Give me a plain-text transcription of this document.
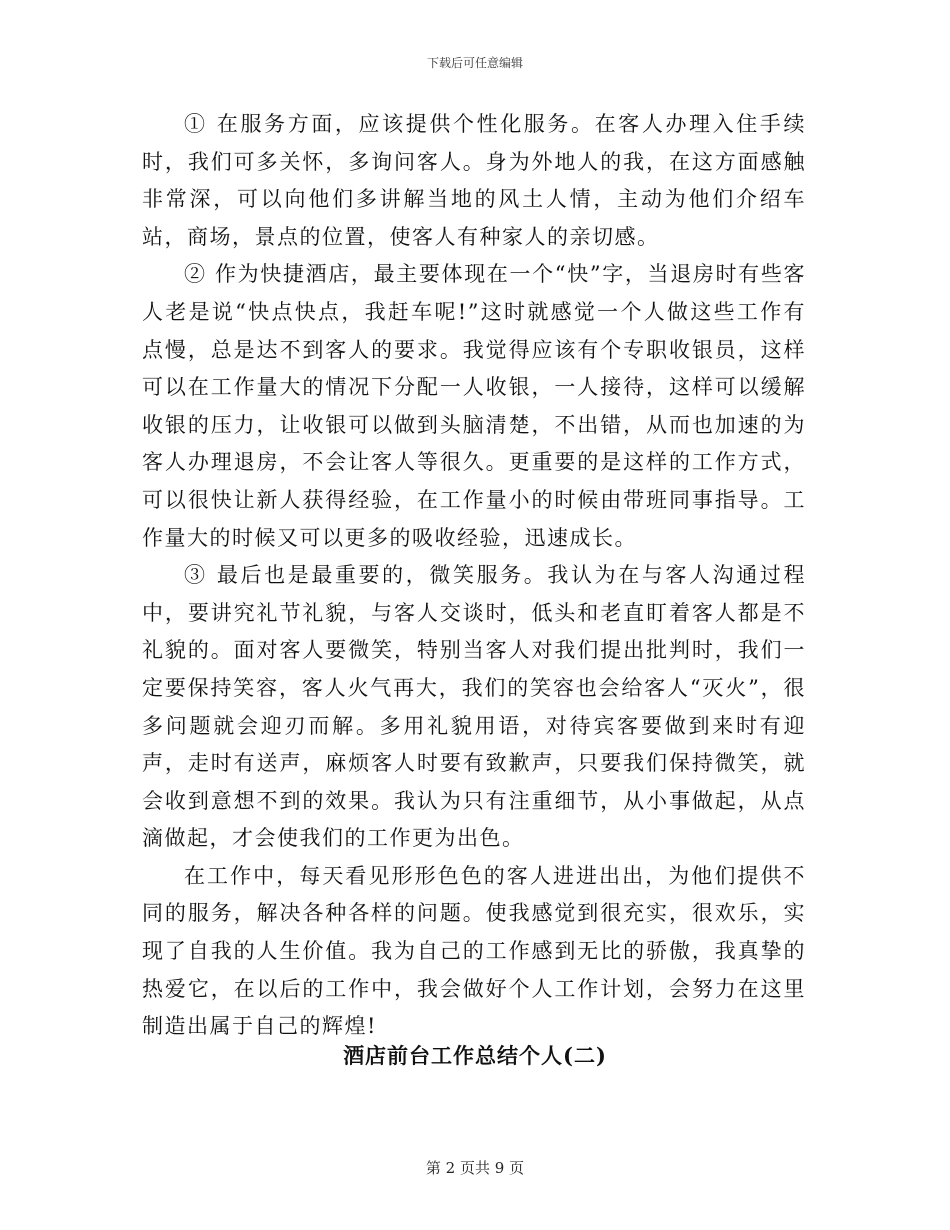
下载后可任意编辑

① 在服务方面，应该提供个性化服务。在客人办理入住手续时，我们可多关怀，多询问客人。身为外地人的我，在这方面感触非常深，可以向他们多讲解当地的风土人情，主动为他们介绍车站，商场，景点的位置，使客人有种家人的亲切感。

② 作为快捷酒店，最主要体现在一个“快”字，当退房时有些客人老是说“快点快点，我赶车呢!”这时就感觉一个人做这些工作有点慢，总是达不到客人的要求。我觉得应该有个专职收银员，这样可以在工作量大的情况下分配一人收银，一人接待，这样可以缓解收银的压力，让收银可以做到头脑清楚，不出错，从而也加速的为客人办理退房，不会让客人等很久。更重要的是这样的工作方式，可以很快让新人获得经验，在工作量小的时候由带班同事指导。工作量大的时候又可以更多的吸收经验，迅速成长。

③ 最后也是最重要的，微笑服务。我认为在与客人沟通过程中，要讲究礼节礼貌，与客人交谈时，低头和老直盯着客人都是不礼貌的。面对客人要微笑，特别当客人对我们提出批判时，我们一定要保持笑容，客人火气再大，我们的笑容也会给客人“灭火”，很多问题就会迎刃而解。多用礼貌用语，对待宾客要做到来时有迎声，走时有送声，麻烦客人时要有致歉声，只要我们保持微笑，就会收到意想不到的效果。我认为只有注重细节，从小事做起，从点滴做起，才会使我们的工作更为出色。

在工作中，每天看见形形色色的客人进进出出，为他们提供不同的服务，解决各种各样的问题。使我感觉到很充实，很欢乐，实现了自我的人生价值。我为自己的工作感到无比的骄傲，我真挚的热爱它，在以后的工作中，我会做好个人工作计划，会努力在这里制造出属于自己的辉煌!

酒店前台工作总结个人(二)
第 2 页共 9 页
